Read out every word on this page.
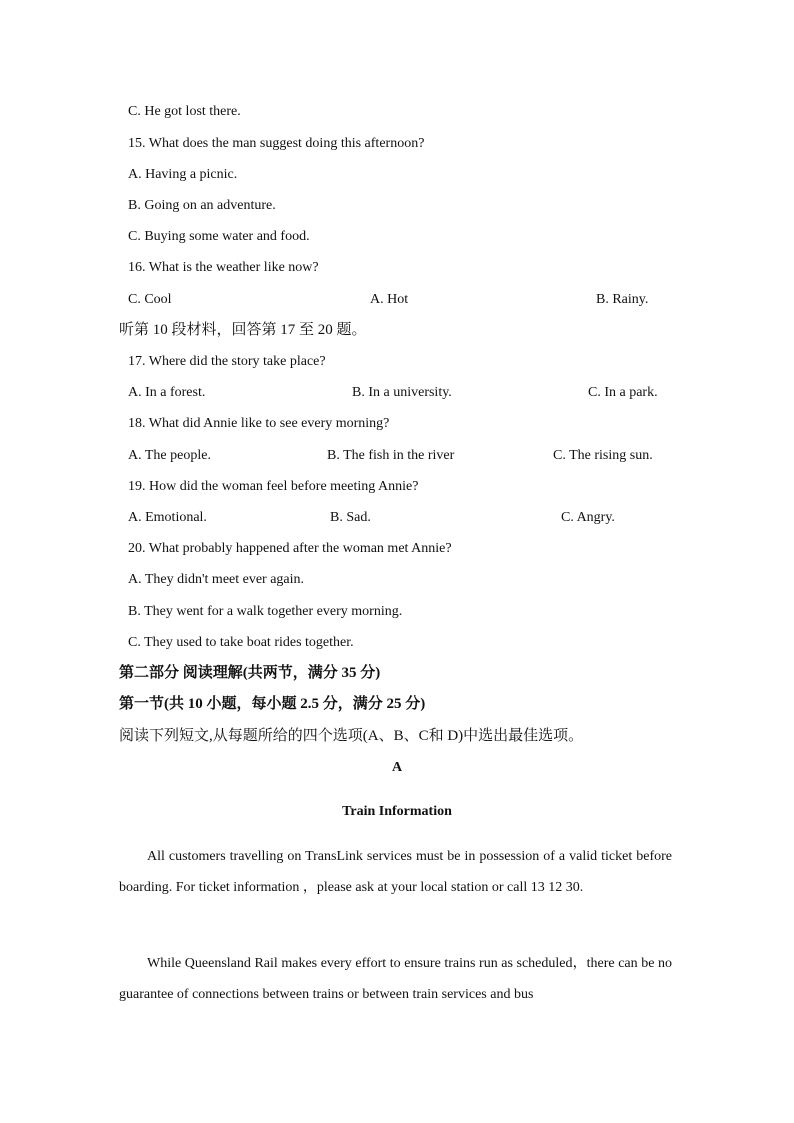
C. He got lost there.
15. What does the man suggest doing this afternoon?
A. Having a picnic.
B. Going on an adventure.
C. Buying some water and food.
16. What is the weather like now?
C. Cool	A. Hot	B. Rainy.
听第 10 段材料，回答第 17 至 20 题。
17. Where did the story take place?
A. In a forest.	B. In a university.	C. In a park.
18. What did Annie like to see every morning?
A. The people.	B. The fish in the river	C. The rising sun.
19. How did the woman feel before meeting Annie?
A. Emotional.	B. Sad.	C. Angry.
20. What probably happened after the woman met Annie?
A. They didn't meet ever again.
B. They went for a walk together every morning.
C. They used to take boat rides together.
第二部分 阅读理解(共两节，满分 35 分)
第一节(共 10 小题，每小题 2.5 分，满分 25 分)
阅读下列短文,从每题所给的四个选项(A、B、C和 D)中选出最佳选项。
A
Train Information

All customers travelling on TransLink services must be in possession of a valid ticket before boarding. For ticket information ，please ask at your local station or call 13 12 30.

While Queensland Rail makes every effort to ensure trains run as scheduled，there can be no guarantee of connections between trains or between train services and bus
